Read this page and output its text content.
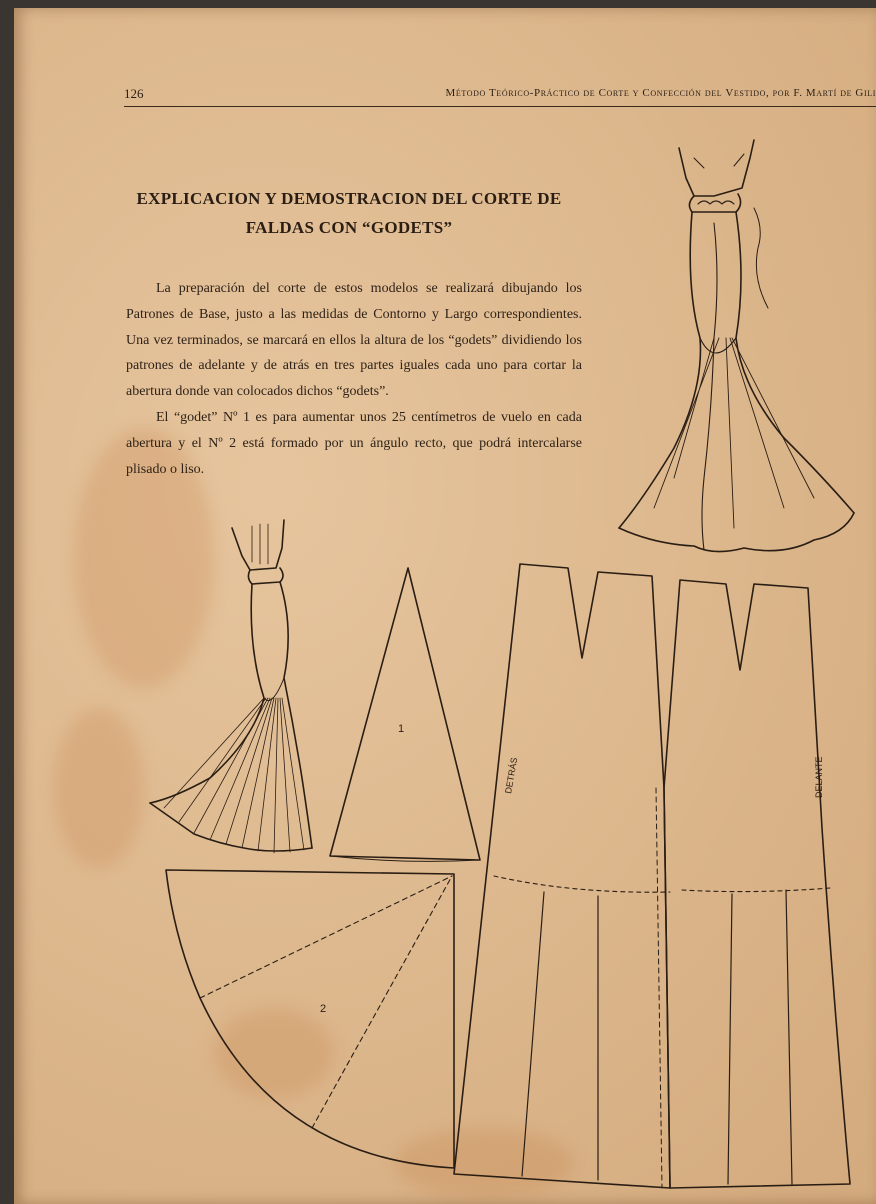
126	Método Teórico-Práctico de Corte y Confección del Vestido, por F. Martí de Gili
EXPLICACION Y DEMOSTRACION DEL CORTE DE
FALDAS CON “GODETS”

La preparación del corte de estos modelos se realizará dibujando los Patrones de Base, justo a las medidas de Contorno y Largo correspondientes. Una vez terminados, se marcará en ellos la altura de los “godets” dividiendo los patrones de adelante y de atrás en tres partes iguales cada uno para cortar la abertura donde van colocados dichos “godets”.

El “godet” Nº 1 es para aumentar unos 25 centímetros de vuelo en cada abertura y el Nº 2 está formado por un ángulo recto, que podrá intercalarse plisado o liso.

1
2
DETRÁS	DELANTE
